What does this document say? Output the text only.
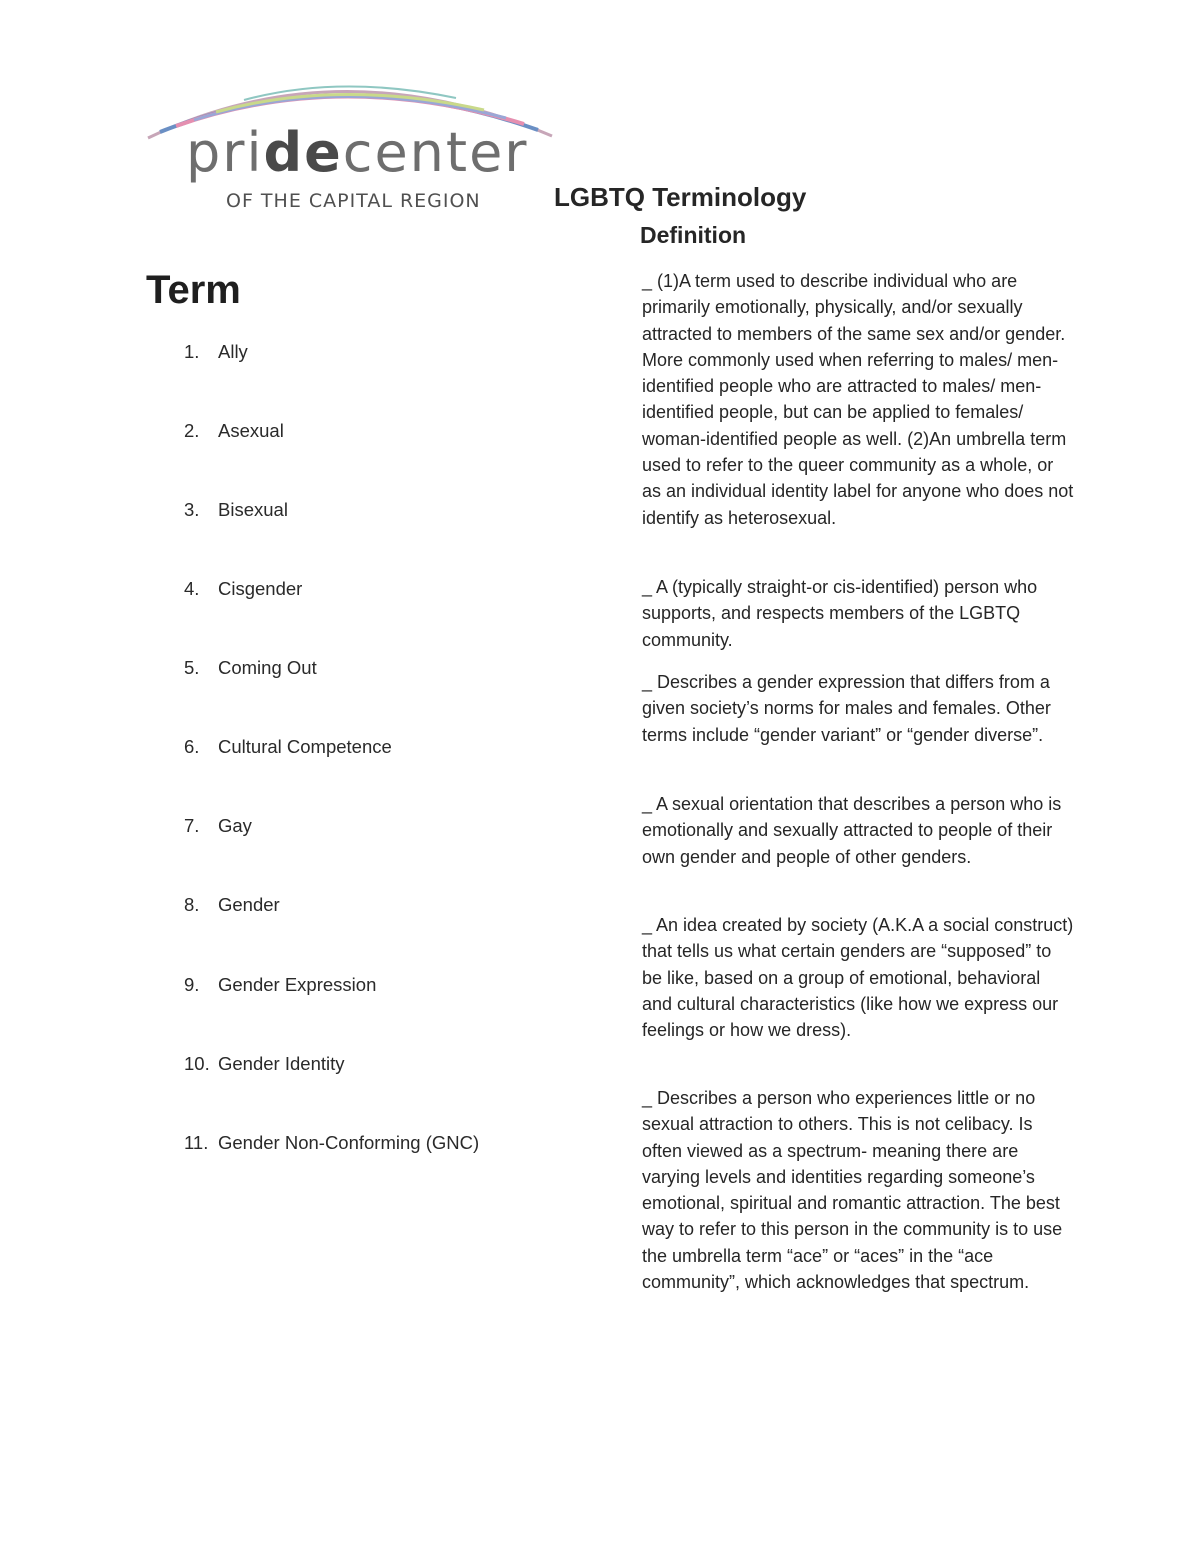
pridecenter
OF THE CAPITAL REGION	LGBTQ Terminology
Definition
Term
1. Ally
2. Asexual
3. Bisexual
4. Cisgender
5. Coming Out
6. Cultural Competence
7. Gay
8. Gender
9. Gender Expression
10. Gender Identity
11. Gender Non-Conforming (GNC)

_ (1)A term used to describe individual who are primarily emotionally, physically, and/or sexually attracted to members of the same sex and/or gender. More commonly used when referring to males/ men-identified people who are attracted to males/ men- identified people, but can be applied to females/ woman-identified people as well. (2)An umbrella term used to refer to the queer community as a whole, or as an individual identity label for anyone who does not identify as heterosexual.

_ A (typically straight-or cis-identified) person who supports, and respects members of the LGBTQ community.

_ Describes a gender expression that differs from a given society’s norms for males and females. Other terms include “gender variant” or “gender diverse”.

_ A sexual orientation that describes a person who is emotionally and sexually attracted to people of their own gender and people of other genders.

_ An idea created by society (A.K.A a social construct) that tells us what certain genders are “supposed” to be like, based on a group of emotional, behavioral and cultural characteristics (like how we express our feelings or how we dress).

_ Describes a person who experiences little or no sexual attraction to others. This is not celibacy. Is often viewed as a spectrum- meaning there are varying levels and identities regarding someone’s emotional, spiritual and romantic attraction. The best way to refer to this person in the community is to use the umbrella term “ace” or “aces” in the “ace community”, which acknowledges that spectrum.
